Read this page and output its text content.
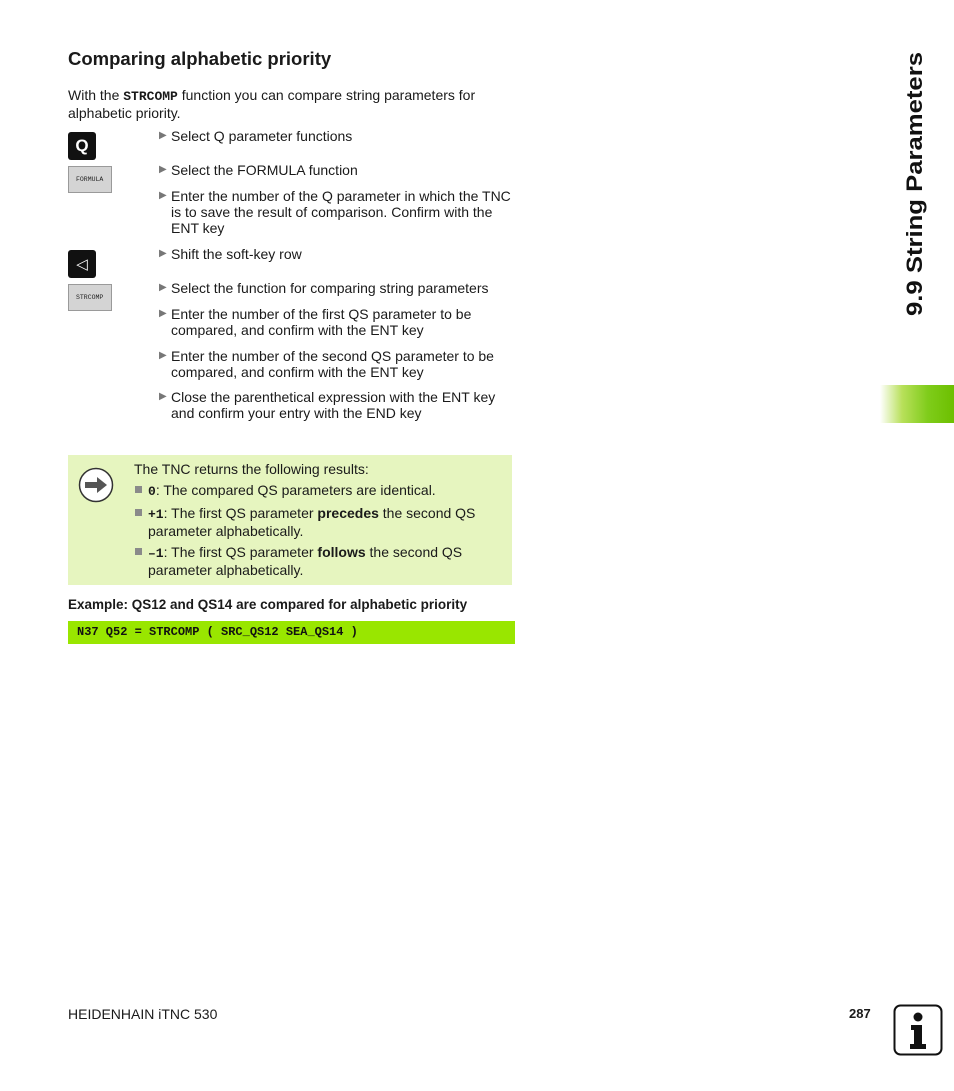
Comparing alphabetic priority
With the STRCOMP function you can compare string parameters for alphabetic priority.
Q
FORMULA
◁
STRCOMP
▶ Select Q parameter functions
▶ Select the FORMULA function
▶ Enter the number of the Q parameter in which the TNC is to save the result of comparison. Confirm with the ENT key
▶ Shift the soft-key row
▶ Select the function for comparing string parameters
▶ Enter the number of the first QS parameter to be compared, and confirm with the ENT key
▶ Enter the number of the second QS parameter to be compared, and confirm with the ENT key
▶ Close the parenthetical expression with the ENT key and confirm your entry with the END key
The TNC returns the following results:
0: The compared QS parameters are identical.
+1: The first QS parameter precedes the second QS parameter alphabetically.
–1: The first QS parameter follows the second QS parameter alphabetically.
Example: QS12 and QS14 are compared for alphabetic priority
N37 Q52 = STRCOMP ( SRC_QS12 SEA_QS14 )
9.9 String Parameters
HEIDENHAIN iTNC 530	287
